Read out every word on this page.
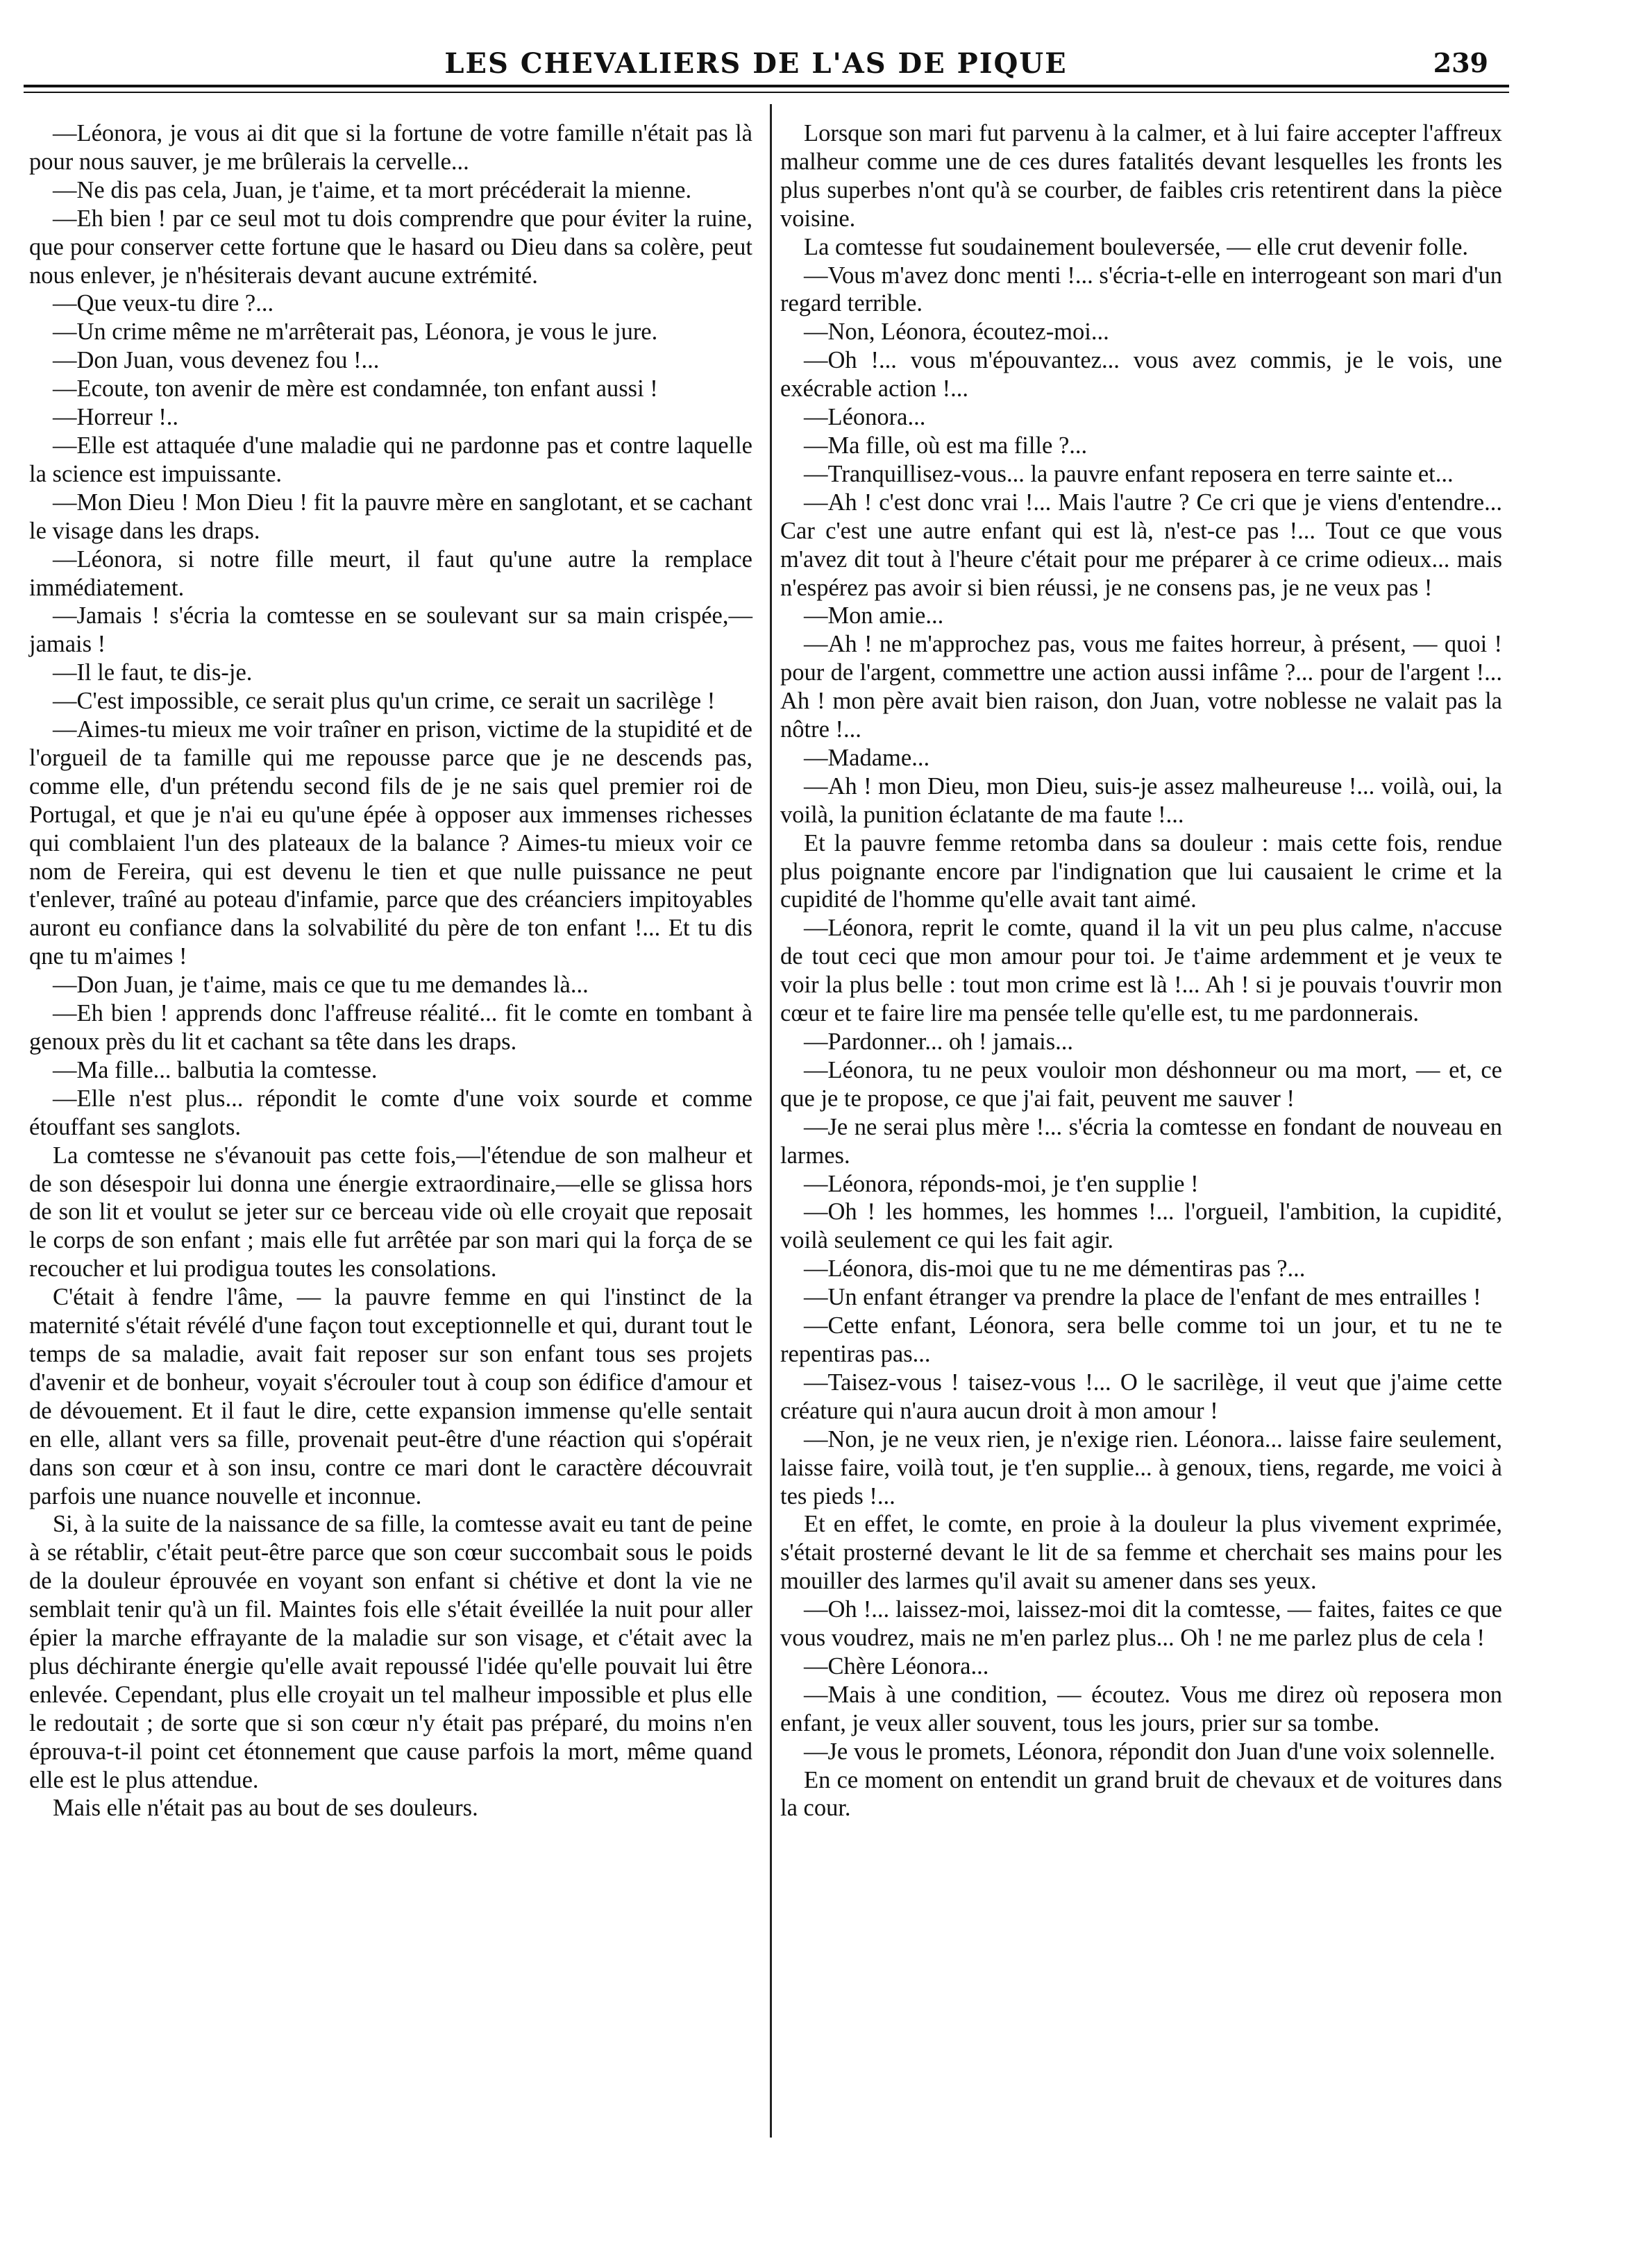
LES CHEVALIERS DE L'AS DE PIQUE	239

—Léonora, je vous ai dit que si la fortune de votre famille n'était pas là pour nous sauver, je me brûlerais la cervelle...

—Ne dis pas cela, Juan, je t'aime, et ta mort précéderait la mienne.

—Eh bien ! par ce seul mot tu dois comprendre que pour éviter la ruine, que pour conserver cette fortune que le hasard ou Dieu dans sa colère, peut nous enlever, je n'hésiterais devant aucune extrémité.

—Que veux-tu dire ?...

—Un crime même ne m'arrêterait pas, Léonora, je vous le jure.

—Don Juan, vous devenez fou !...

—Ecoute, ton avenir de mère est condamnée, ton enfant aussi !

—Horreur !..

—Elle est attaquée d'une maladie qui ne pardonne pas et contre laquelle la science est impuissante.

—Mon Dieu ! Mon Dieu ! fit la pauvre mère en sanglotant, et se cachant le visage dans les draps.

—Léonora, si notre fille meurt, il faut qu'une autre la remplace immédiatement.

—Jamais ! s'écria la comtesse en se soulevant sur sa main crispée,—jamais !

—Il le faut, te dis-je.

—C'est impossible, ce serait plus qu'un crime, ce serait un sacrilège !

—Aimes-tu mieux me voir traîner en prison, victime de la stupidité et de l'orgueil de ta famille qui me repousse parce que je ne descends pas, comme elle, d'un prétendu second fils de je ne sais quel premier roi de Portugal, et que je n'ai eu qu'une épée à opposer aux immenses richesses qui comblaient l'un des plateaux de la balance ? Aimes-tu mieux voir ce nom de Fereira, qui est devenu le tien et que nulle puissance ne peut t'enlever, traîné au poteau d'infamie, parce que des créanciers impitoyables auront eu confiance dans la solvabilité du père de ton enfant !... Et tu dis qne tu m'aimes !

—Don Juan, je t'aime, mais ce que tu me demandes là...

—Eh bien ! apprends donc l'affreuse réalité... fit le comte en tombant à genoux près du lit et cachant sa tête dans les draps.

—Ma fille... balbutia la comtesse.

—Elle n'est plus... répondit le comte d'une voix sourde et comme étouffant ses sanglots.

La comtesse ne s'évanouit pas cette fois,—l'étendue de son malheur et de son désespoir lui donna une énergie extraordinaire,—elle se glissa hors de son lit et voulut se jeter sur ce berceau vide où elle croyait que reposait le corps de son enfant ; mais elle fut arrêtée par son mari qui la força de se recoucher et lui prodigua toutes les consolations.

C'était à fendre l'âme, — la pauvre femme en qui l'instinct de la maternité s'était révélé d'une façon tout exceptionnelle et qui, durant tout le temps de sa maladie, avait fait reposer sur son enfant tous ses projets d'avenir et de bonheur, voyait s'écrouler tout à coup son édifice d'amour et de dévouement. Et il faut le dire, cette expansion immense qu'elle sentait en elle, allant vers sa fille, provenait peut-être d'une réaction qui s'opérait dans son cœur et à son insu, contre ce mari dont le caractère découvrait parfois une nuance nouvelle et inconnue.

Si, à la suite de la naissance de sa fille, la comtesse avait eu tant de peine à se rétablir, c'était peut-être parce que son cœur succombait sous le poids de la douleur éprouvée en voyant son enfant si chétive et dont la vie ne semblait tenir qu'à un fil. Maintes fois elle s'était éveillée la nuit pour aller épier la marche effrayante de la maladie sur son visage, et c'était avec la plus déchirante énergie qu'elle avait repoussé l'idée qu'elle pouvait lui être enlevée. Cependant, plus elle croyait un tel malheur impossible et plus elle le redoutait ; de sorte que si son cœur n'y était pas préparé, du moins n'en éprouva-t-il point cet étonnement que cause parfois la mort, même quand elle est le plus attendue.

Mais elle n'était pas au bout de ses douleurs.

Lorsque son mari fut parvenu à la calmer, et à lui faire accepter l'affreux malheur comme une de ces dures fatalités devant lesquelles les fronts les plus superbes n'ont qu'à se courber, de faibles cris retentirent dans la pièce voisine.

La comtesse fut soudainement bouleversée, — elle crut devenir folle.

—Vous m'avez donc menti !... s'écria-t-elle en interrogeant son mari d'un regard terrible.

—Non, Léonora, écoutez-moi...

—Oh !... vous m'épouvantez... vous avez commis, je le vois, une exécrable action !...

—Léonora...

—Ma fille, où est ma fille ?...

—Tranquillisez-vous... la pauvre enfant reposera en terre sainte et...

—Ah ! c'est donc vrai !... Mais l'autre ? Ce cri que je viens d'entendre... Car c'est une autre enfant qui est là, n'est-ce pas !... Tout ce que vous m'avez dit tout à l'heure c'était pour me préparer à ce crime odieux... mais n'espérez pas avoir si bien réussi, je ne consens pas, je ne veux pas !

—Mon amie...

—Ah ! ne m'approchez pas, vous me faites horreur, à présent, — quoi ! pour de l'argent, commettre une action aussi infâme ?... pour de l'argent !... Ah ! mon père avait bien raison, don Juan, votre noblesse ne valait pas la nôtre !...

—Madame...

—Ah ! mon Dieu, mon Dieu, suis-je assez malheureuse !... voilà, oui, la voilà, la punition éclatante de ma faute !...

Et la pauvre femme retomba dans sa douleur : mais cette fois, rendue plus poignante encore par l'indignation que lui causaient le crime et la cupidité de l'homme qu'elle avait tant aimé.

—Léonora, reprit le comte, quand il la vit un peu plus calme, n'accuse de tout ceci que mon amour pour toi. Je t'aime ardemment et je veux te voir la plus belle : tout mon crime est là !... Ah ! si je pouvais t'ouvrir mon cœur et te faire lire ma pensée telle qu'elle est, tu me pardonnerais.

—Pardonner... oh ! jamais...

—Léonora, tu ne peux vouloir mon déshonneur ou ma mort, — et, ce que je te propose, ce que j'ai fait, peuvent me sauver !

—Je ne serai plus mère !... s'écria la comtesse en fondant de nouveau en larmes.

—Léonora, réponds-moi, je t'en supplie !

—Oh ! les hommes, les hommes !... l'orgueil, l'ambition, la cupidité, voilà seulement ce qui les fait agir.

—Léonora, dis-moi que tu ne me démentiras pas ?...

—Un enfant étranger va prendre la place de l'enfant de mes entrailles !

—Cette enfant, Léonora, sera belle comme toi un jour, et tu ne te repentiras pas...

—Taisez-vous ! taisez-vous !... O le sacrilège, il veut que j'aime cette créature qui n'aura aucun droit à mon amour !

—Non, je ne veux rien, je n'exige rien. Léonora... laisse faire seulement, laisse faire, voilà tout, je t'en supplie... à genoux, tiens, regarde, me voici à tes pieds !...

Et en effet, le comte, en proie à la douleur la plus vivement exprimée, s'était prosterné devant le lit de sa femme et cherchait ses mains pour les mouiller des larmes qu'il avait su amener dans ses yeux.

—Oh !... laissez-moi, laissez-moi dit la comtesse, — faites, faites ce que vous voudrez, mais ne m'en parlez plus... Oh ! ne me parlez plus de cela !

—Chère Léonora...

—Mais à une condition, — écoutez. Vous me direz où reposera mon enfant, je veux aller souvent, tous les jours, prier sur sa tombe.

—Je vous le promets, Léonora, répondit don Juan d'une voix solennelle.

En ce moment on entendit un grand bruit de chevaux et de voitures dans la cour.
